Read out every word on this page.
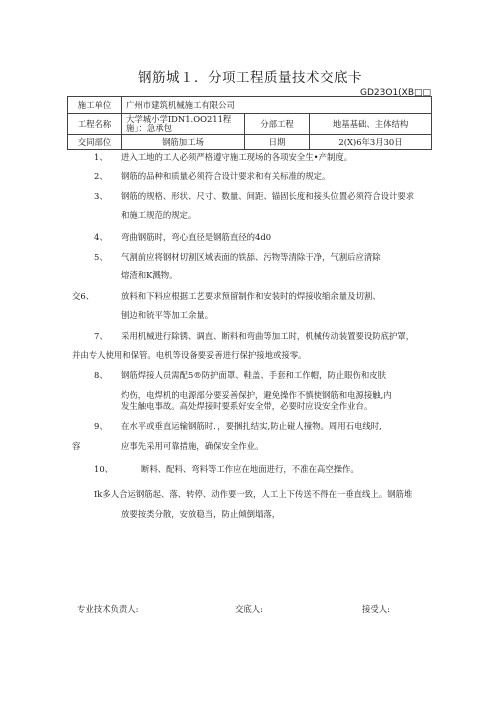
钢筋城１．分项工程质量技术交底卡
GD23O1(XB□□
施工单位	广州市建筑机械施工有限公司		
工程名称	大学城小学IDN1.OO211程施」：急承包	分部工程	地基基础、主体结构
交同部位	钢筋加工场	日期	2(X)6年3月30日
1、 进入工地的工人必须严格遵守施工现场的各项安全生•产制度。
2、 钢筋的品种和质量必须符合设计要求和有关标准的规定。
3、 钢筋的规格、形状、尺寸、数量、间距、锚固长度和接头位置必须符合设计要求
和施工规范的规定。
4、 弯曲钢筋时，弯心直径是钢筋直径的4d0
5、 气割前应将钢材切割区域表面的铁舔、污物等清除干净，气割后应清除
熔渣和K溅物。
交6、	放料和下料应根据工艺要求预留制作和安装时的焊接收缩余量及切割、
刨边和铳平等加工余量。
7、 采用机械进行除锈、调直、断料和弯曲等加工时，机械传动装置要设防底护罩，
并由专人使用和保管。电机等设备要妥善进行保护接地或接零。
8、 钢筋焊接人员需配5®防护面罩、鞋盖、手套和工作帽，防止眼伤和皮肤
灼伤，电焊机的电源部分要妥善保护，避免操作不慎使钢筋和电源接触,内
发生触电事故。高处焊接时要系好安全带，必要时应设安全作业台。
9、 在水平或垂直运输钢筋时．，要捆扎结实,防止碰人撞物。周用石电线时,
容	应事先采用可靠措施，确保安全作业。
10、	断料、配料、弯料等工作应在地面进行，不准在高空操作。
Ik多人合运钢筋起、落、转停、动作要一致，人工上下传送不得在一垂直线上。钢筋堆
放要按类分散，安放稳当，防止倾倒塌落，
专业技术负责人:	交底人:	接受人:
